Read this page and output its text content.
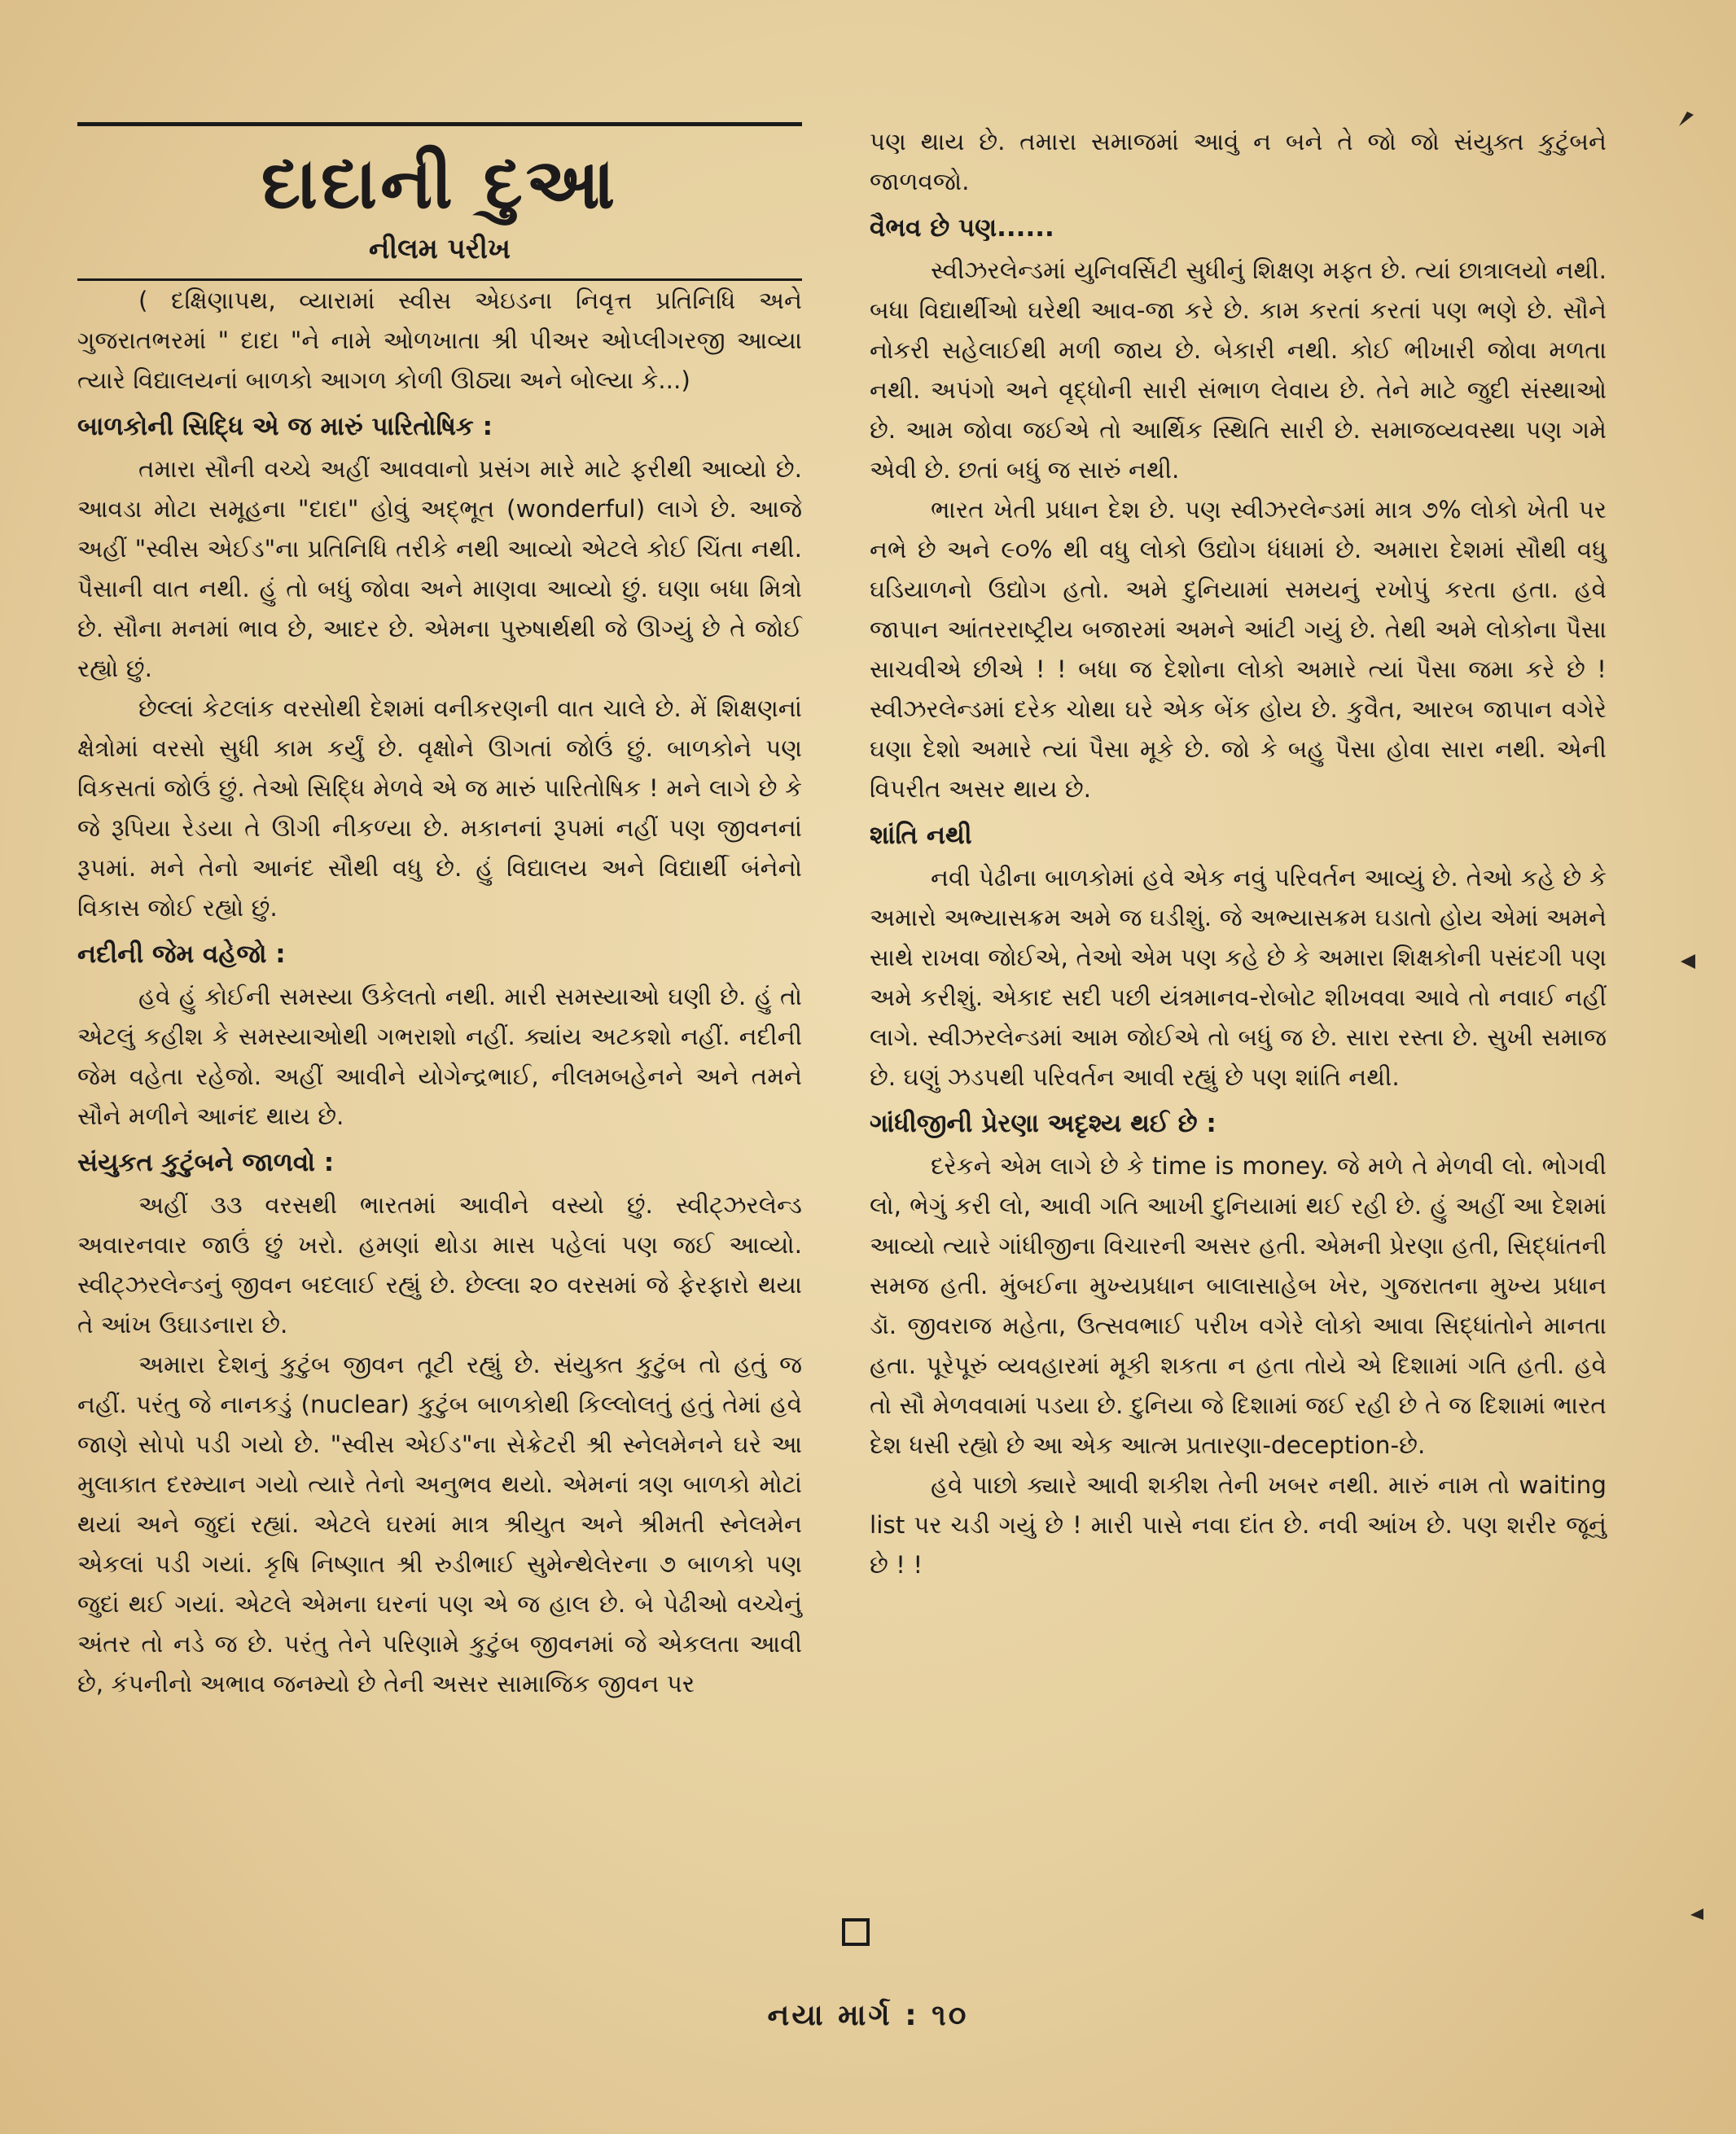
દાદાની દુઆ
નીલમ પરીખ

( દક્ષિણાપથ, વ્યારામાં સ્વીસ એઇડના નિવૃત્ત પ્રતિનિધિ અને ગુજરાતભરમાં " દાદા "ને નામે ઓળખાતા શ્રી પીઅર ઓપ્લીગરજી આવ્યા ત્યારે વિદ્યાલયનાં બાળકો આગળ કોળી ઊઠ્યા અને બોલ્યા કે...)

બાળકોની સિદ્ધિ એ જ મારું પારિતોષિક :

તમારા સૌની વચ્ચે અહીં આવવાનો પ્રસંગ મારે માટે ફરીથી આવ્યો છે. આવડા મોટા સમૂહના "દાદા" હોવું અદ્ભૂત (wonderful) લાગે છે. આજે અહીં "સ્વીસ એઈડ"ના પ્રતિનિધિ તરીકે નથી આવ્યો એટલે કોઈ ચિંતા નથી. પૈસાની વાત નથી. હું તો બધું જોવા અને માણવા આવ્યો છું. ઘણા બધા મિત્રો છે. સૌના મનમાં ભાવ છે, આદર છે. એમના પુરુષાર્થથી જે ઊગ્યું છે તે જોઈ રહ્યો છું.

છેલ્લાં કેટલાંક વરસોથી દેશમાં વનીકરણની વાત ચાલે છે. મેં શિક્ષણનાં ક્ષેત્રોમાં વરસો સુધી કામ કર્યું છે. વૃક્ષોને ઊગતાં જોઉં છું. બાળકોને પણ વિકસતાં જોઉં છું. તેઓ સિદ્ધિ મેળવે એ જ મારું પારિતોષિક ! મને લાગે છે કે જે રૂપિયા રેડયા તે ઊગી નીકળ્યા છે. મકાનનાં રૂપમાં નહીં પણ જીવનનાં રૂપમાં. મને તેનો આનંદ સૌથી વધુ છે. હું વિદ્યાલય અને વિદ્યાર્થી બંનેનો વિકાસ જોઈ રહ્યો છું.

નદીની જેમ વહેજો :

હવે હું કોઈની સમસ્યા ઉકેલતો નથી. મારી સમસ્યાઓ ઘણી છે. હું તો એટલું કહીશ કે સમસ્યાઓથી ગભરાશો નહીં. ક્યાંય અટકશો નહીં. નદીની જેમ વહેતા રહેજો. અહીં આવીને યોગેન્દ્રભાઈ, નીલમબહેનને અને તમને સૌને મળીને આનંદ થાય છે.

સંયુકત કુટુંબને જાળવો :

અહીં ૩૩ વરસથી ભારતમાં આવીને વસ્યો છું. સ્વીટ્ઝરલેન્ડ અવારનવાર જાઉં છું ખરો. હમણાં થોડા માસ પહેલાં પણ જઈ આવ્યો. સ્વીટ્ઝરલેન્ડનું જીવન બદલાઈ રહ્યું છે. છેલ્લા ૨૦ વરસમાં જે ફેરફારો થયા તે આંખ ઉઘાડનારા છે.

અમારા દેશનું કુટુંબ જીવન તૂટી રહ્યું છે. સંયુક્ત કુટુંબ તો હતું જ નહીં. પરંતુ જે નાનકડું (nuclear) કુટુંબ બાળકોથી કિલ્લોલતું હતું તેમાં હવે જાણે સોપો પડી ગયો છે. "સ્વીસ એઈડ"ના સેક્રેટરી શ્રી સ્નેલમેનને ઘરે આ મુલાકાત દરમ્યાન ગયો ત્યારે તેનો અનુભવ થયો. એમનાં ત્રણ બાળકો મોટાં થયાં અને જુદાં રહ્યાં. એટલે ઘરમાં માત્ર શ્રીયુત અને શ્રીમતી સ્નેલમેન એકલાં પડી ગયાં. કૃષિ નિષ્ણાત શ્રી રુડીભાઈ સુમેન્થેલેરના ૭ બાળકો પણ જુદાં થઈ ગયાં. એટલે એમના ઘરનાં પણ એ જ હાલ છે. બે પેઢીઓ વચ્ચેનું અંતર તો નડે જ છે. પરંતુ તેને પરિણામે કુટુંબ જીવનમાં જે એકલતા આવી છે, કંપનીનો અભાવ જનમ્યો છે તેની અસર સામાજિક જીવન પર

પણ થાય છે. તમારા સમાજમાં આવું ન બને તે જો જો સંયુક્ત કુટુંબને જાળવજો.

વૈભવ છે પણ......

સ્વીઝરલેન્ડમાં યુનિવર્સિટી સુધીનું શિક્ષણ મફત છે. ત્યાં છાત્રાલયો નથી. બધા વિદ્યાર્થીઓ ઘરેથી આવ-જા કરે છે. કામ કરતાં કરતાં પણ ભણે છે. સૌને નોકરી સહેલાઈથી મળી જાય છે. બેકારી નથી. કોઈ ભીખારી જોવા મળતા નથી. અપંગો અને વૃદ્ધોની સારી સંભાળ લેવાય છે. તેને માટે જુદી સંસ્થાઓ છે. આમ જોવા જઈએ તો આર્થિક સ્થિતિ સારી છે. સમાજવ્યવસ્થા પણ ગમે એવી છે. છતાં બધું જ સારું નથી.

ભારત ખેતી પ્રધાન દેશ છે. પણ સ્વીઝરલેન્ડમાં માત્ર ૭% લોકો ખેતી પર નભે છે અને ૯૦% થી વધુ લોકો ઉદ્યોગ ધંધામાં છે. અમારા દેશમાં સૌથી વધુ ઘડિયાળનો ઉદ્યોગ હતો. અમે દુનિયામાં સમયનું રખોપું કરતા હતા. હવે જાપાન આંતરરાષ્ટ્રીય બજારમાં અમને આંટી ગયું છે. તેથી અમે લોકોના પૈસા સાચવીએ છીએ ! ! બધા જ દેશોના લોકો અમારે ત્યાં પૈસા જમા કરે છે ! સ્વીઝરલેન્ડમાં દરેક ચોથા ઘરે એક બેંક હોય છે. કુવૈત, આરબ જાપાન વગેરે ઘણા દેશો અમારે ત્યાં પૈસા મૂકે છે. જો કે બહુ પૈસા હોવા સારા નથી. એની વિપરીત અસર થાય છે.

શાંતિ નથી

નવી પેઢીના બાળકોમાં હવે એક નવું પરિવર્તન આવ્યું છે. તેઓ કહે છે કે અમારો અભ્યાસક્રમ અમે જ ઘડીશું. જે અભ્યાસક્રમ ઘડાતો હોય એમાં અમને સાથે રાખવા જોઈએ, તેઓ એમ પણ કહે છે કે અમારા શિક્ષકોની પસંદગી પણ અમે કરીશું. એકાદ સદી પછી યંત્રમાનવ-રોબોટ શીખવવા આવે તો નવાઈ નહીં લાગે. સ્વીઝરલેન્ડમાં આમ જોઈએ તો બધું જ છે. સારા રસ્તા છે. સુખી સમાજ છે. ઘણું ઝડપથી પરિવર્તન આવી રહ્યું છે પણ શાંતિ નથી.

ગાંધીજીની પ્રેરણા અદૃશ્ય થઈ છે :

દરેકને એમ લાગે છે કે time is money. જે મળે તે મેળવી લો. ભોગવી લો, ભેગું કરી લો, આવી ગતિ આખી દુનિયામાં થઈ રહી છે. હું અહીં આ દેશમાં આવ્યો ત્યારે ગાંધીજીના વિચારની અસર હતી. એમની પ્રેરણા હતી, સિદ્ધાંતની સમજ હતી. મુંબઈના મુખ્યપ્રધાન બાલાસાહેબ ખેર, ગુજરાતના મુખ્ય પ્રધાન ડૉ. જીવરાજ મહેતા, ઉત્સવભાઈ પરીખ વગેરે લોકો આવા સિદ્ધાંતોને માનતા હતા. પૂરેપૂરું વ્યવહારમાં મૂકી શકતા ન હતા તોયે એ દિશામાં ગતિ હતી. હવે તો સૌ મેળવવામાં પડયા છે. દુનિયા જે દિશામાં જઈ રહી છે તે જ દિશામાં ભારત દેશ ધસી રહ્યો છે આ એક આત્મ પ્રતારણા-deception-છે.

હવે પાછો ક્યારે આવી શકીશ તેની ખબર નથી. મારું નામ તો waiting list પર ચડી ગયું છે ! મારી પાસે નવા દાંત છે. નવી આંખ છે. પણ શરીર જૂનું છે ! !

નયા માર્ગ : ૧૦
